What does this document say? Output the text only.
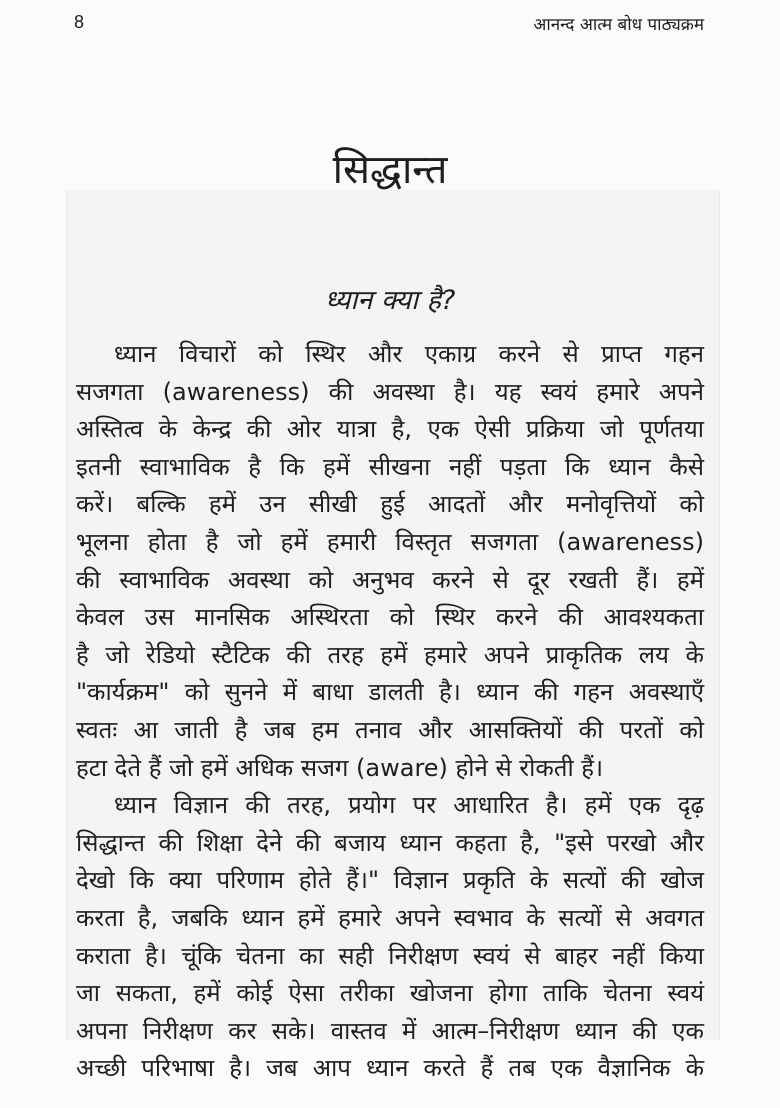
8	आनन्द आत्म बोध पाठ्यक्रम
सिद्धान्त
ध्यान क्या है?
ध्यान विचारों को स्थिर और एकाग्र करने से प्राप्त गहन
सजगता (awareness) की अवस्था है। यह स्वयं हमारे अपने
अस्तित्व के केन्द्र की ओर यात्रा है, एक ऐसी प्रक्रिया जो पूर्णतया
इतनी स्वाभाविक है कि हमें सीखना नहीं पड़ता कि ध्यान कैसे
करें। बल्कि हमें उन सीखी हुई आदतों और मनोवृत्तियों को
भूलना होता है जो हमें हमारी विस्तृत सजगता (awareness)
की स्वाभाविक अवस्था को अनुभव करने से दूर रखती हैं। हमें
केवल उस मानसिक अस्थिरता को स्थिर करने की आवश्यकता
है जो रेडियो स्टैटिक की तरह हमें हमारे अपने प्राकृतिक लय के
"कार्यक्रम" को सुनने में बाधा डालती है। ध्यान की गहन अवस्थाएँ
स्वतः आ जाती है जब हम तनाव और आसक्तियों की परतों को
हटा देते हैं जो हमें अधिक सजग (aware) होने से रोकती हैं।
ध्यान विज्ञान की तरह, प्रयोग पर आधारित है। हमें एक दृढ़
सिद्धान्त की शिक्षा देने की बजाय ध्यान कहता है, "इसे परखो और
देखो कि क्या परिणाम होते हैं।" विज्ञान प्रकृति के सत्यों की खोज
करता है, जबकि ध्यान हमें हमारे अपने स्वभाव के सत्यों से अवगत
कराता है। चूंकि चेतना का सही निरीक्षण स्वयं से बाहर नहीं किया
जा सकता, हमें कोई ऐसा तरीका खोजना होगा ताकि चेतना स्वयं
अपना निरीक्षण कर सके। वास्तव में आत्म–निरीक्षण ध्यान की एक
अच्छी परिभाषा है। जब आप ध्यान करते हैं तब एक वैज्ञानिक के
